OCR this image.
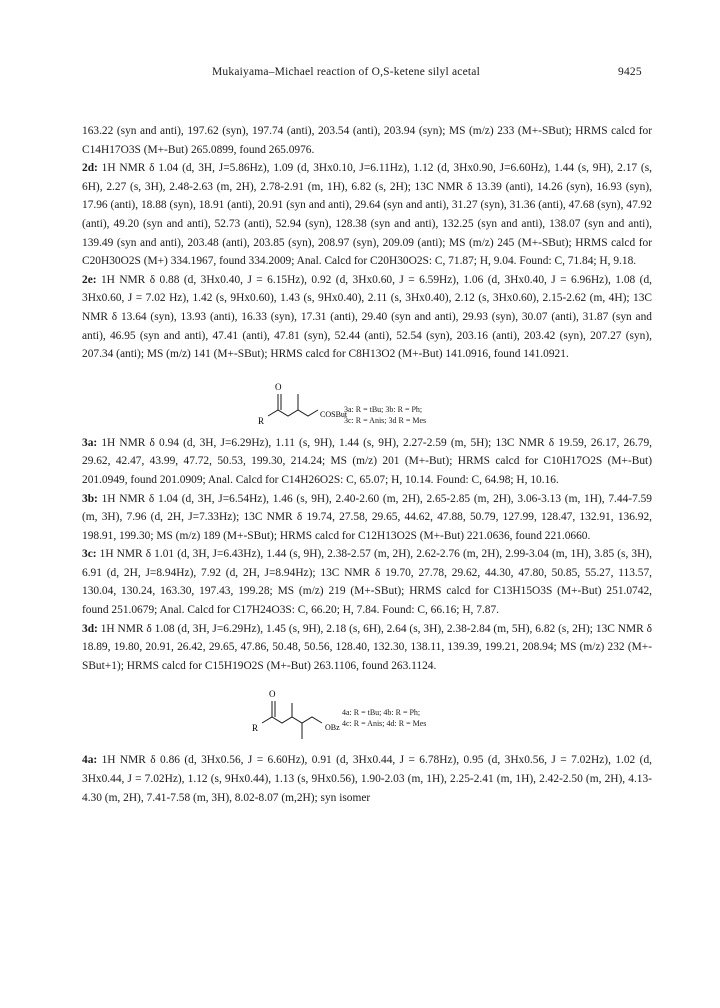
Mukaiyama–Michael reaction of O,S-ketene silyl acetal	9425

163.22 (syn and anti), 197.62 (syn), 197.74 (anti), 203.54 (anti), 203.94 (syn); MS (m/z) 233 (M+-SBut); HRMS calcd for C14H17O3S (M+-But) 265.0899, found 265.0976.

2d: 1H NMR δ 1.04 (d, 3H, J=5.86Hz), 1.09 (d, 3Hx0.10, J=6.11Hz), 1.12 (d, 3Hx0.90, J=6.60Hz), 1.44 (s, 9H), 2.17 (s, 6H), 2.27 (s, 3H), 2.48-2.63 (m, 2H), 2.78-2.91 (m, 1H), 6.82 (s, 2H); 13C NMR δ 13.39 (anti), 14.26 (syn), 16.93 (syn), 17.96 (anti), 18.88 (syn), 18.91 (anti), 20.91 (syn and anti), 29.64 (syn and anti), 31.27 (syn), 31.36 (anti), 47.68 (syn), 47.92 (anti), 49.20 (syn and anti), 52.73 (anti), 52.94 (syn), 128.38 (syn and anti), 132.25 (syn and anti), 138.07 (syn and anti), 139.49 (syn and anti), 203.48 (anti), 203.85 (syn), 208.97 (syn), 209.09 (anti); MS (m/z) 245 (M+-SBut); HRMS calcd for C20H30O2S (M+) 334.1967, found 334.2009; Anal. Calcd for C20H30O2S: C, 71.87; H, 9.04. Found: C, 71.84; H, 9.18.

2e: 1H NMR δ 0.88 (d, 3Hx0.40, J = 6.15Hz), 0.92 (d, 3Hx0.60, J = 6.59Hz), 1.06 (d, 3Hx0.40, J = 6.96Hz), 1.08 (d, 3Hx0.60, J = 7.02 Hz), 1.42 (s, 9Hx0.60), 1.43 (s, 9Hx0.40), 2.11 (s, 3Hx0.40), 2.12 (s, 3Hx0.60), 2.15-2.62 (m, 4H); 13C NMR δ 13.64 (syn), 13.93 (anti), 16.33 (syn), 17.31 (anti), 29.40 (syn and anti), 29.93 (syn), 30.07 (anti), 31.87 (syn and anti), 46.95 (syn and anti), 47.41 (anti), 47.81 (syn), 52.44 (anti), 52.54 (syn), 203.16 (anti), 203.42 (syn), 207.27 (syn), 207.34 (anti); MS (m/z) 141 (M+-SBut); HRMS calcd for C8H13O2 (M+-But) 141.0916, found 141.0921.

O
R
COSBut
3a: R = tBu; 3b: R = Ph;
3c: R = Anis; 3d R = Mes

3a: 1H NMR δ 0.94 (d, 3H, J=6.29Hz), 1.11 (s, 9H), 1.44 (s, 9H), 2.27-2.59 (m, 5H); 13C NMR δ 19.59, 26.17, 26.79, 29.62, 42.47, 43.99, 47.72, 50.53, 199.30, 214.24; MS (m/z) 201 (M+-But); HRMS calcd for C10H17O2S (M+-But) 201.0949, found 201.0909; Anal. Calcd for C14H26O2S: C, 65.07; H, 10.14. Found: C, 64.98; H, 10.16.

3b: 1H NMR δ 1.04 (d, 3H, J=6.54Hz), 1.46 (s, 9H), 2.40-2.60 (m, 2H), 2.65-2.85 (m, 2H), 3.06-3.13 (m, 1H), 7.44-7.59 (m, 3H), 7.96 (d, 2H, J=7.33Hz); 13C NMR δ 19.74, 27.58, 29.65, 44.62, 47.88, 50.79, 127.99, 128.47, 132.91, 136.92, 198.91, 199.30; MS (m/z) 189 (M+-SBut); HRMS calcd for C12H13O2S (M+-But) 221.0636, found 221.0660.

3c: 1H NMR δ 1.01 (d, 3H, J=6.43Hz), 1.44 (s, 9H), 2.38-2.57 (m, 2H), 2.62-2.76 (m, 2H), 2.99-3.04 (m, 1H), 3.85 (s, 3H), 6.91 (d, 2H, J=8.94Hz), 7.92 (d, 2H, J=8.94Hz); 13C NMR δ 19.70, 27.78, 29.62, 44.30, 47.80, 50.85, 55.27, 113.57, 130.04, 130.24, 163.30, 197.43, 199.28; MS (m/z) 219 (M+-SBut); HRMS calcd for C13H15O3S (M+-But) 251.0742, found 251.0679; Anal. Calcd for C17H24O3S: C, 66.20; H, 7.84. Found: C, 66.16; H, 7.87.

3d: 1H NMR δ 1.08 (d, 3H, J=6.29Hz), 1.45 (s, 9H), 2.18 (s, 6H), 2.64 (s, 3H), 2.38-2.84 (m, 5H), 6.82 (s, 2H); 13C NMR δ 18.89, 19.80, 20.91, 26.42, 29.65, 47.86, 50.48, 50.56, 128.40, 132.30, 138.11, 139.39, 199.21, 208.94; MS (m/z) 232 (M+-SBut+1); HRMS calcd for C15H19O2S (M+-But) 263.1106, found 263.1124.

O
R	OBz
4a: R = tBu; 4b: R = Ph;
4c: R = Anis; 4d: R = Mes

4a: 1H NMR δ 0.86 (d, 3Hx0.56, J = 6.60Hz), 0.91 (d, 3Hx0.44, J = 6.78Hz), 0.95 (d, 3Hx0.56, J = 7.02Hz), 1.02 (d, 3Hx0.44, J = 7.02Hz), 1.12 (s, 9Hx0.44), 1.13 (s, 9Hx0.56), 1.90-2.03 (m, 1H), 2.25-2.41 (m, 1H), 2.42-2.50 (m, 2H), 4.13-4.30 (m, 2H), 7.41-7.58 (m, 3H), 8.02-8.07 (m,2H); syn isomer
